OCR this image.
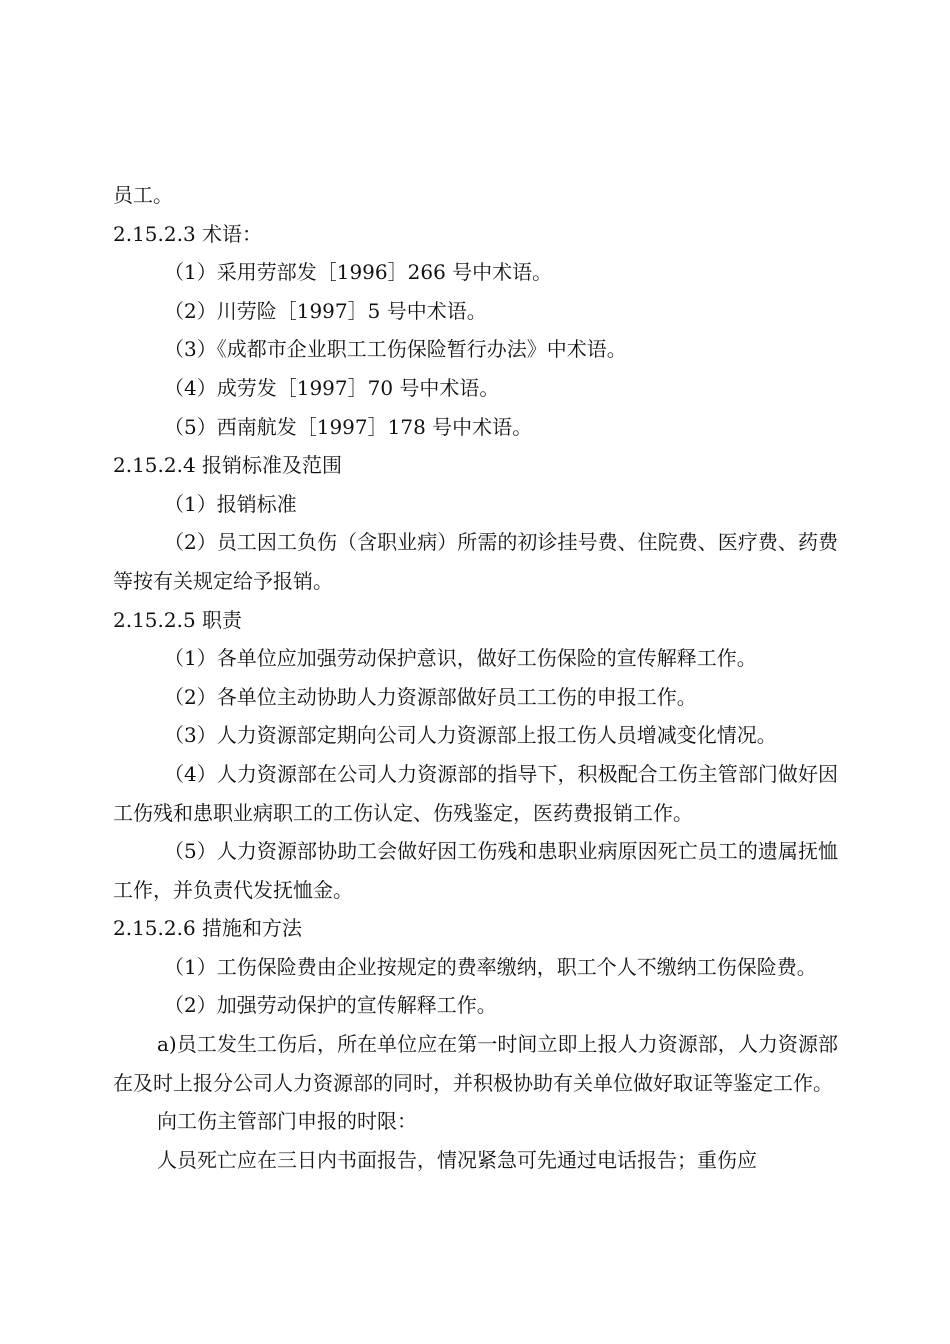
员工。

2.15.2.3 术语：

（1）采用劳部发［1996］266 号中术语。

（2）川劳险［1997］5 号中术语。

（3）《成都市企业职工工伤保险暂行办法》中术语。

（4）成劳发［1997］70 号中术语。

（5）西南航发［1997］178 号中术语。

2.15.2.4 报销标准及范围

（1）报销标准

（2）员工因工负伤（含职业病）所需的初诊挂号费、住院费、医疗费、药费等按有关规定给予报销。

2.15.2.5 职责

（1）各单位应加强劳动保护意识，做好工伤保险的宣传解释工作。

（2）各单位主动协助人力资源部做好员工工伤的申报工作。

（3）人力资源部定期向公司人力资源部上报工伤人员增减变化情况。

（4）人力资源部在公司人力资源部的指导下，积极配合工伤主管部门做好因工伤残和患职业病职工的工伤认定、伤残鉴定，医药费报销工作。

（5）人力资源部协助工会做好因工伤残和患职业病原因死亡员工的遗属抚恤工作，并负责代发抚恤金。

2.15.2.6 措施和方法

（1）工伤保险费由企业按规定的费率缴纳，职工个人不缴纳工伤保险费。

（2）加强劳动保护的宣传解释工作。

a)员工发生工伤后，所在单位应在第一时间立即上报人力资源部，人力资源部在及时上报分公司人力资源部的同时，并积极协助有关单位做好取证等鉴定工作。

向工伤主管部门申报的时限：

人员死亡应在三日内书面报告，情况紧急可先通过电话报告；重伤应
